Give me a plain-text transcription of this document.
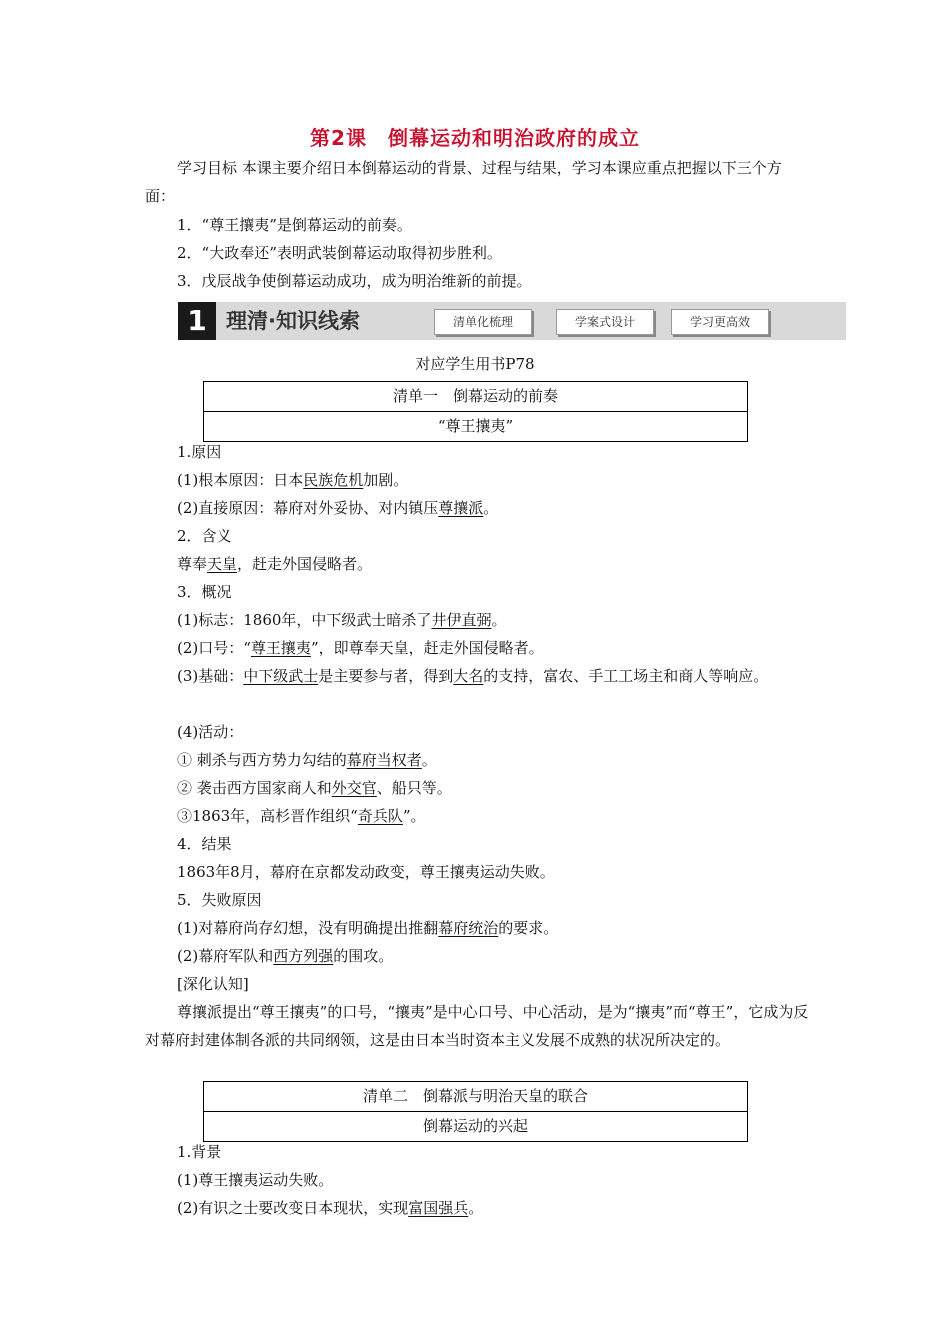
第2课　倒幕运动和明治政府的成立
学习目标 本课主要介绍日本倒幕运动的背景、过程与结果，学习本课应重点把握以下三个方面：
1．“尊王攘夷”是倒幕运动的前奏。
2．“大政奉还”表明武装倒幕运动取得初步胜利。
3．戊辰战争使倒幕运动成功，成为明治维新的前提。
1 理清·知识线索	清单化梳理	学案式设计	学习更高效
对应学生用书P78
清单一　倒幕运动的前奏
“尊王攘夷”
1.原因
(1)根本原因：日本民族危机加剧。
(2)直接原因：幕府对外妥协、对内镇压尊攘派。
2．含义
尊奉天皇，赶走外国侵略者。
3．概况
(1)标志：1860年，中下级武士暗杀了井伊直弼。
(2)口号：“尊王攘夷”，即尊奉天皇，赶走外国侵略者。
(3)基础：中下级武士是主要参与者，得到大名的支持，富农、手工工场主和商人等响应。
(4)活动：
① 刺杀与西方势力勾结的幕府当权者。
② 袭击西方国家商人和外交官、船只等。
③1863年，高杉晋作组织“奇兵队”。
4．结果
1863年8月，幕府在京都发动政变，尊王攘夷运动失败。
5．失败原因
(1)对幕府尚存幻想，没有明确提出推翻幕府统治的要求。
(2)幕府军队和西方列强的围攻。
[深化认知]
尊攘派提出“尊王攘夷”的口号，“攘夷”是中心口号、中心活动，是为“攘夷”而“尊王”，它成为反对幕府封建体制各派的共同纲领，这是由日本当时资本主义发展不成熟的状况所决定的。
清单二　倒幕派与明治天皇的联合
倒幕运动的兴起
1.背景
(1)尊王攘夷运动失败。
(2)有识之士要改变日本现状，实现富国强兵。
